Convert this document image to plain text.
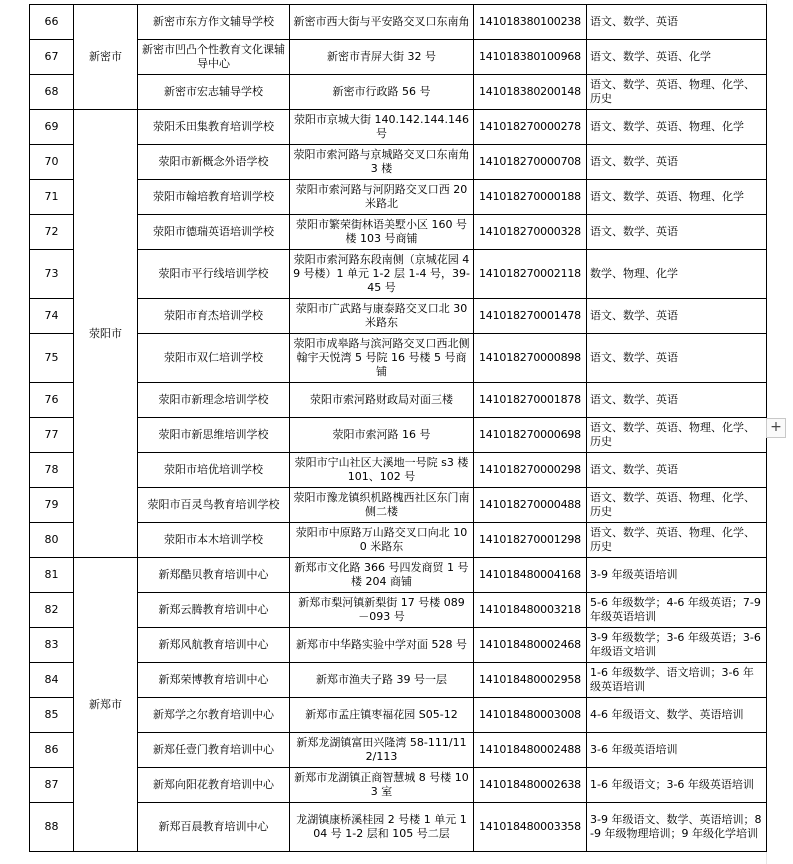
66	新密市	新密市东方作文辅导学校	新密市西大街与平安路交叉口东南角	141018380100238	语文、数学、英语
67		新密市凹凸个性教育文化课辅导中心	新密市青屏大街 32 号	141018380100968	语文、数学、英语、化学
68		新密市宏志辅导学校	新密市行政路 56 号	141018380200148	语文、数学、英语、物理、化学、历史
69	荥阳市	荥阳禾田集教育培训学校	荥阳市京城大街 140.142.144.146 号	141018270000278	语文、数学、英语、物理、化学
70		荥阳市新概念外语学校	荥阳市索河路与京城路交叉口东南角 3 楼	141018270000708	语文、数学、英语
71		荥阳市翰培教育培训学校	荥阳市索河路与河阴路交叉口西 20 米路北	141018270000188	语文、数学、英语、物理、化学
72		荥阳市德瑞英语培训学校	荥阳市繁荣街林语美墅小区 160 号楼 103 号商铺	141018270000328	语文、数学、英语
73		荥阳市平行线培训学校	荥阳市索河路东段南侧（京城花园 49 号楼）1 单元 1-2 层 1-4 号，39-45 号	141018270002118	数学、物理、化学
74		荥阳市育杰培训学校	荥阳市广武路与康泰路交叉口北 30 米路东	141018270001478	语文、数学、英语
75		荥阳市双仁培训学校	荥阳市成皋路与滨河路交叉口西北侧翰宇天悦湾 5 号院 16 号楼 5 号商铺	141018270000898	语文、数学、英语
76		荥阳市新理念培训学校	荥阳市索河路财政局对面三楼	141018270001878	语文、数学、英语
77		荥阳市新思维培训学校	荥阳市索河路 16 号	141018270000698	语文、数学、英语、物理、化学、历史
78		荥阳市培优培训学校	荥阳市宁山社区大溪地一号院 s3 楼 101、102 号	141018270000298	语文、数学、英语
79		荥阳市百灵鸟教育培训学校	荥阳市豫龙镇织机路槐西社区东门南侧二楼	141018270000488	语文、数学、英语、物理、化学、历史
80		荥阳市本木培训学校	荥阳市中原路万山路交叉口向北 100 米路东	141018270001298	语文、数学、英语、物理、化学、历史
81	新郑市	新郑酷贝教育培训中心	新郑市文化路 366 号四发商贸 1 号楼 204 商铺	141018480004168	3-9 年级英语培训
82		新郑云腾教育培训中心	新郑市梨河镇新梨街 17 号楼 089－093 号	141018480003218	5-6 年级数学；4-6 年级英语；7-9 年级英语培训
83		新郑风航教育培训中心	新郑市中华路实验中学对面 528 号	141018480002468	3-9 年级数学；3-6 年级英语；3-6 年级语文培训
84		新郑荣博教育培训中心	新郑市渔夫子路 39 号一层	141018480002958	1-6 年级数学、语文培训；3-6 年级英语培训
85		新郑学之尔教育培训中心	新郑市孟庄镇枣福花园 S05-12	141018480003008	4-6 年级语文、数学、英语培训
86		新郑任壹门教育培训中心	新郑龙湖镇富田兴隆湾 58-111/112/113	141018480002488	3-6 年级英语培训
87		新郑向阳花教育培训中心	新郑市龙湖镇正商智慧城 8 号楼 103 室	141018480002638	1-6 年级语文；3-6 年级英语培训
88		新郑百晨教育培训中心	龙湖镇康桥溪桂园 2 号楼 1 单元 104 号 1-2 层和 105 号二层	141018480003358	3-9 年级语文、数学、英语培训；8-9 年级物理培训；9 年级化学培训
+
